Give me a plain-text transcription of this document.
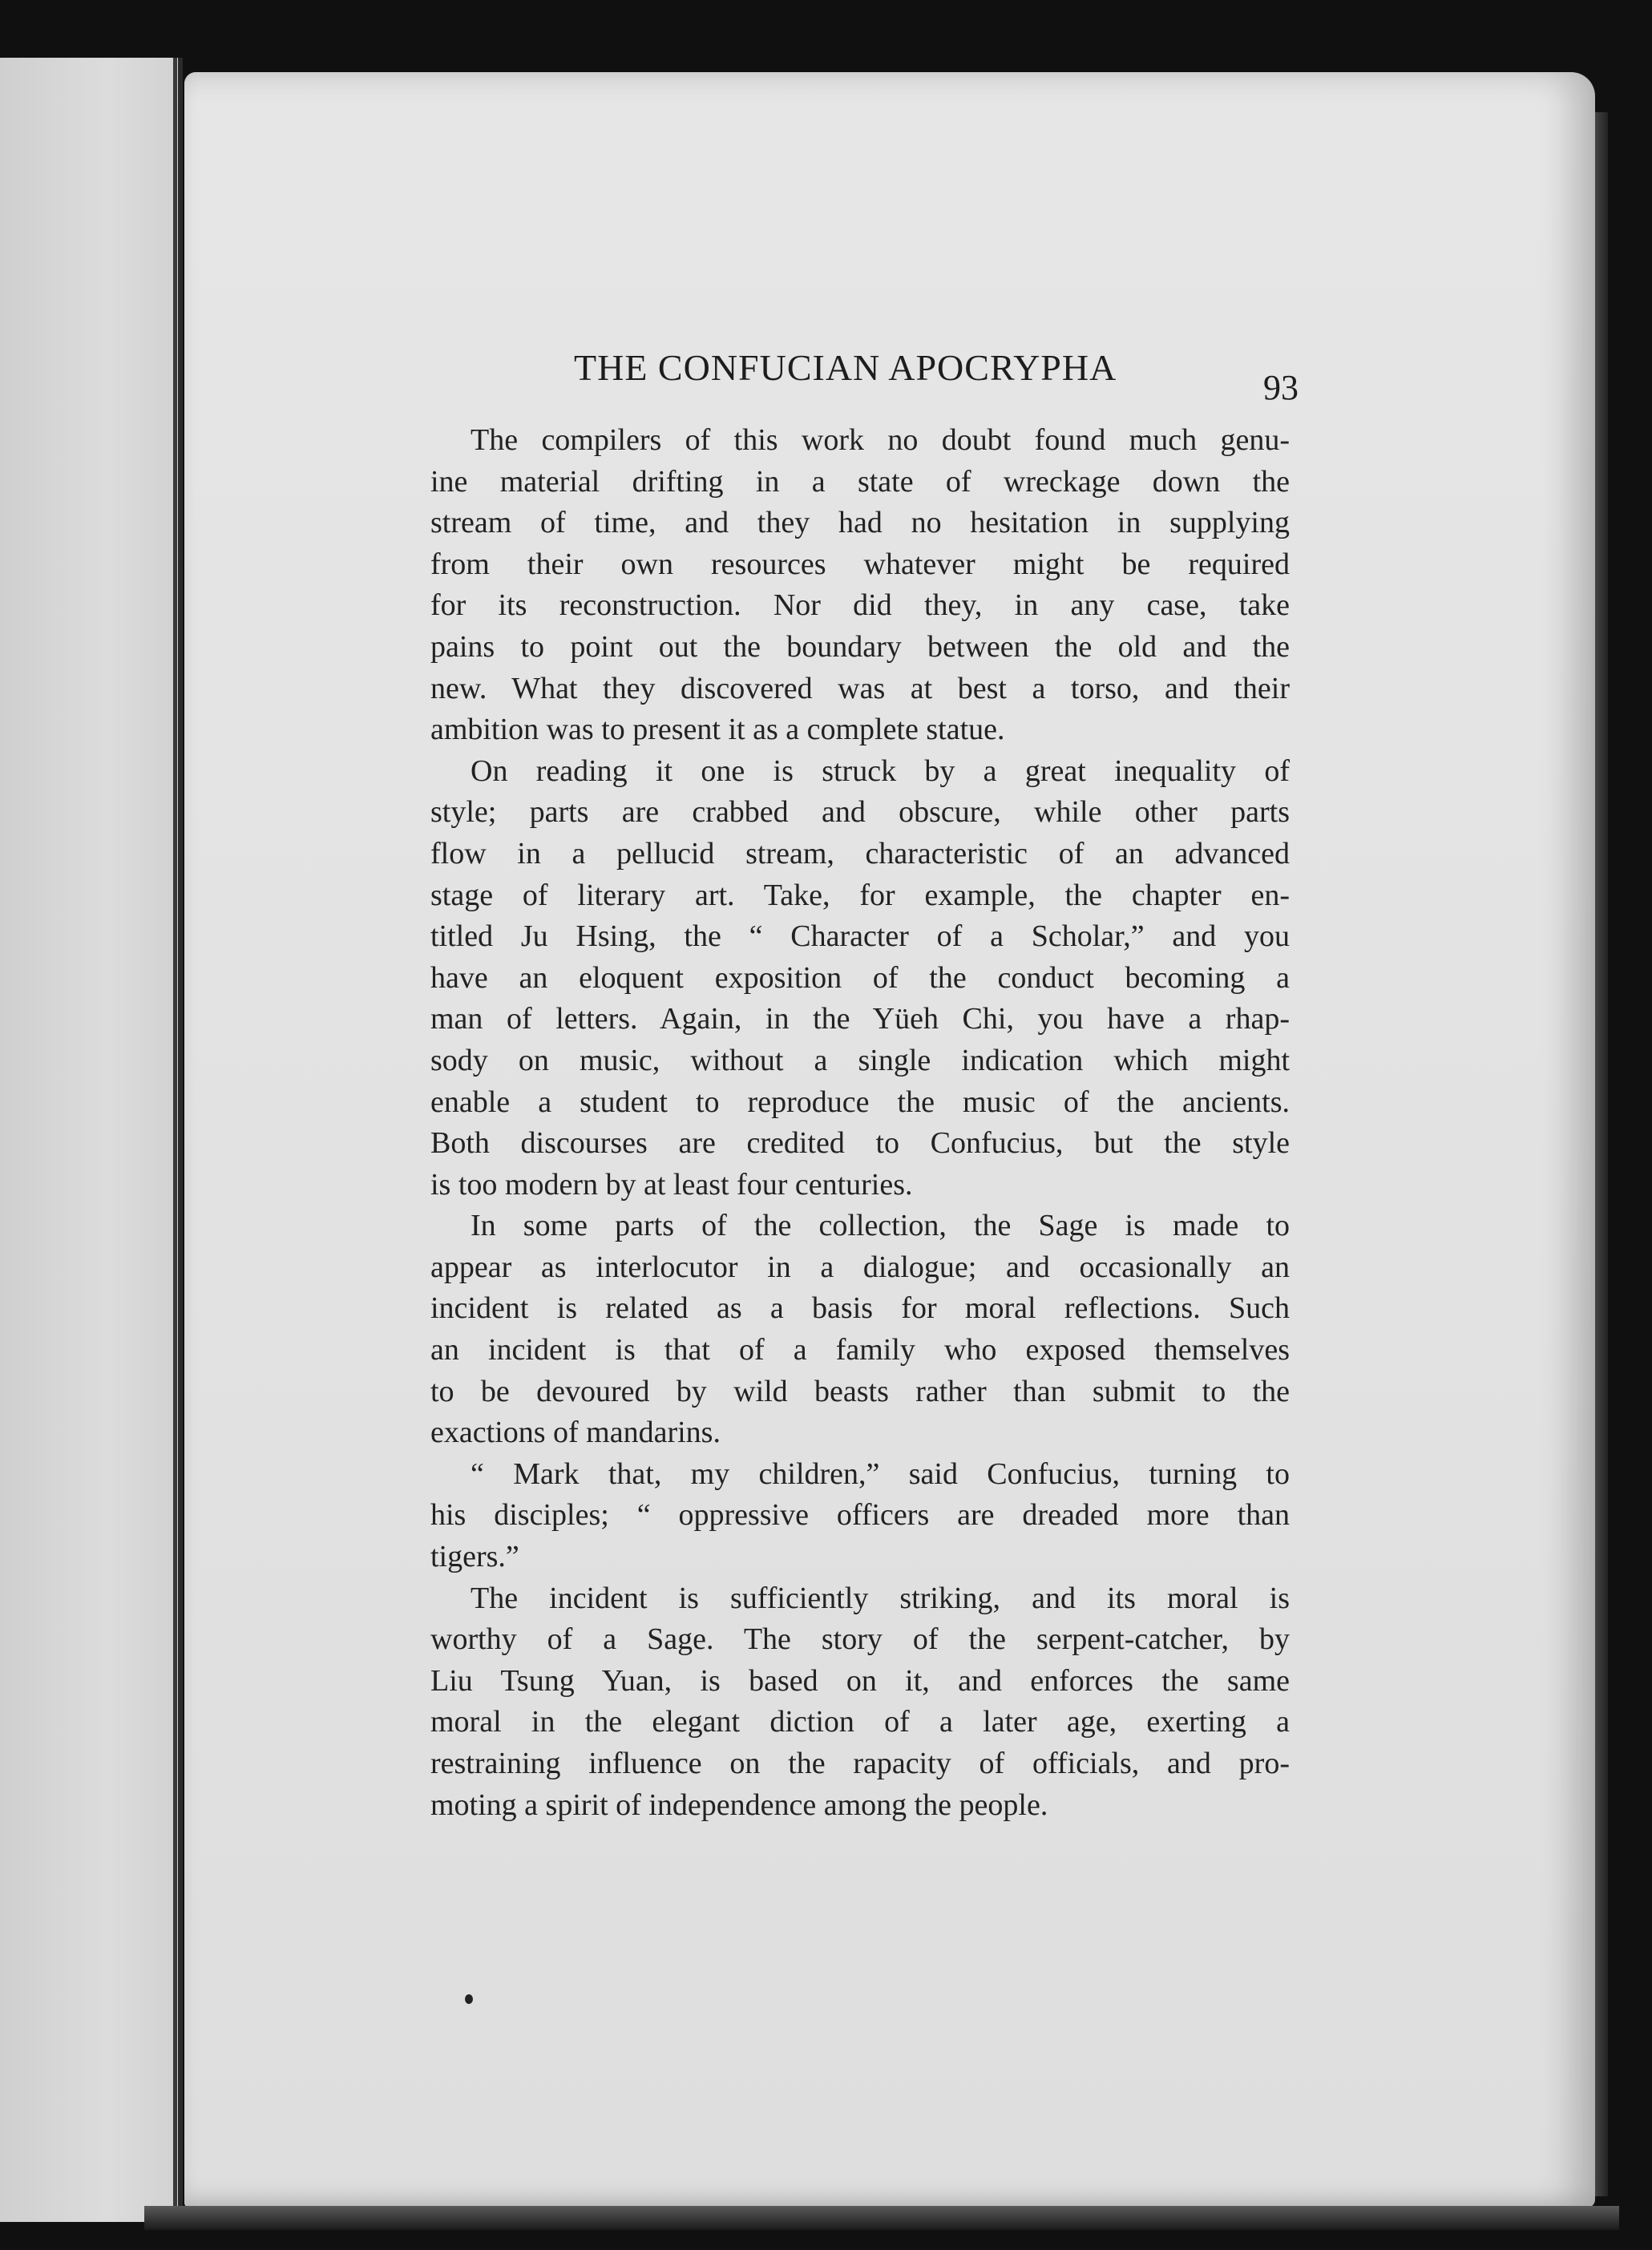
THE CONFUCIAN APOCRYPHA	93

The compilers of this work no doubt found much genu-
ine material drifting in a state of wreckage down the
stream of time, and they had no hesitation in supplying
from their own resources whatever might be required
for its reconstruction. Nor did they, in any case, take
pains to point out the boundary between the old and the
new. What they discovered was at best a torso, and their
ambition was to present it as a complete statue.

On reading it one is struck by a great inequality of
style; parts are crabbed and obscure, while other parts
flow in a pellucid stream, characteristic of an advanced
stage of literary art. Take, for example, the chapter en-
titled Ju Hsing, the “ Character of a Scholar,” and you
have an eloquent exposition of the conduct becoming a
man of letters. Again, in the Yüeh Chi, you have a rhap-
sody on music, without a single indication which might
enable a student to reproduce the music of the ancients.
Both discourses are credited to Confucius, but the style
is too modern by at least four centuries.

In some parts of the collection, the Sage is made to
appear as interlocutor in a dialogue; and occasionally an
incident is related as a basis for moral reflections. Such
an incident is that of a family who exposed themselves
to be devoured by wild beasts rather than submit to the
exactions of mandarins.

“ Mark that, my children,” said Confucius, turning to
his disciples; “ oppressive officers are dreaded more than
tigers.”

The incident is sufficiently striking, and its moral is
worthy of a Sage. The story of the serpent-catcher, by
Liu Tsung Yuan, is based on it, and enforces the same
moral in the elegant diction of a later age, exerting a
restraining influence on the rapacity of officials, and pro-
moting a spirit of independence among the people.
